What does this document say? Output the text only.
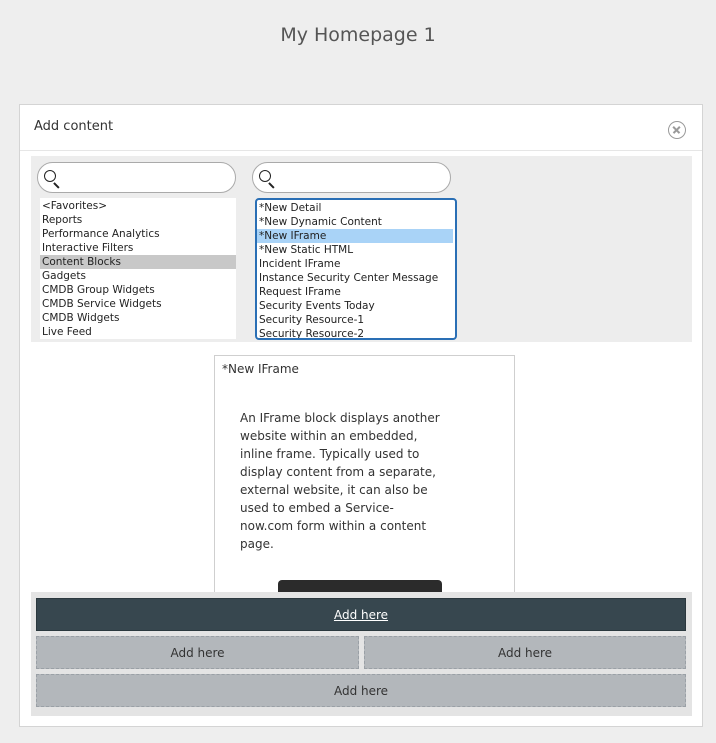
My Homepage 1
Add content
<Favorites>
Reports
Performance Analytics
Interactive Filters
Content Blocks
Gadgets
CMDB Group Widgets
CMDB Service Widgets
CMDB Widgets
Live Feed
*New Detail
*New Dynamic Content
*New IFrame
*New Static HTML
Incident IFrame
Instance Security Center Message
Request IFrame
Security Events Today
Security Resource-1
Security Resource-2
*New IFrame
An IFrame block displays another website within an embedded, inline frame. Typically used to display content from a separate, external website, it can also be used to embed a Service-now.com form within a content page.
Add here
Add here	Add here
Add here
